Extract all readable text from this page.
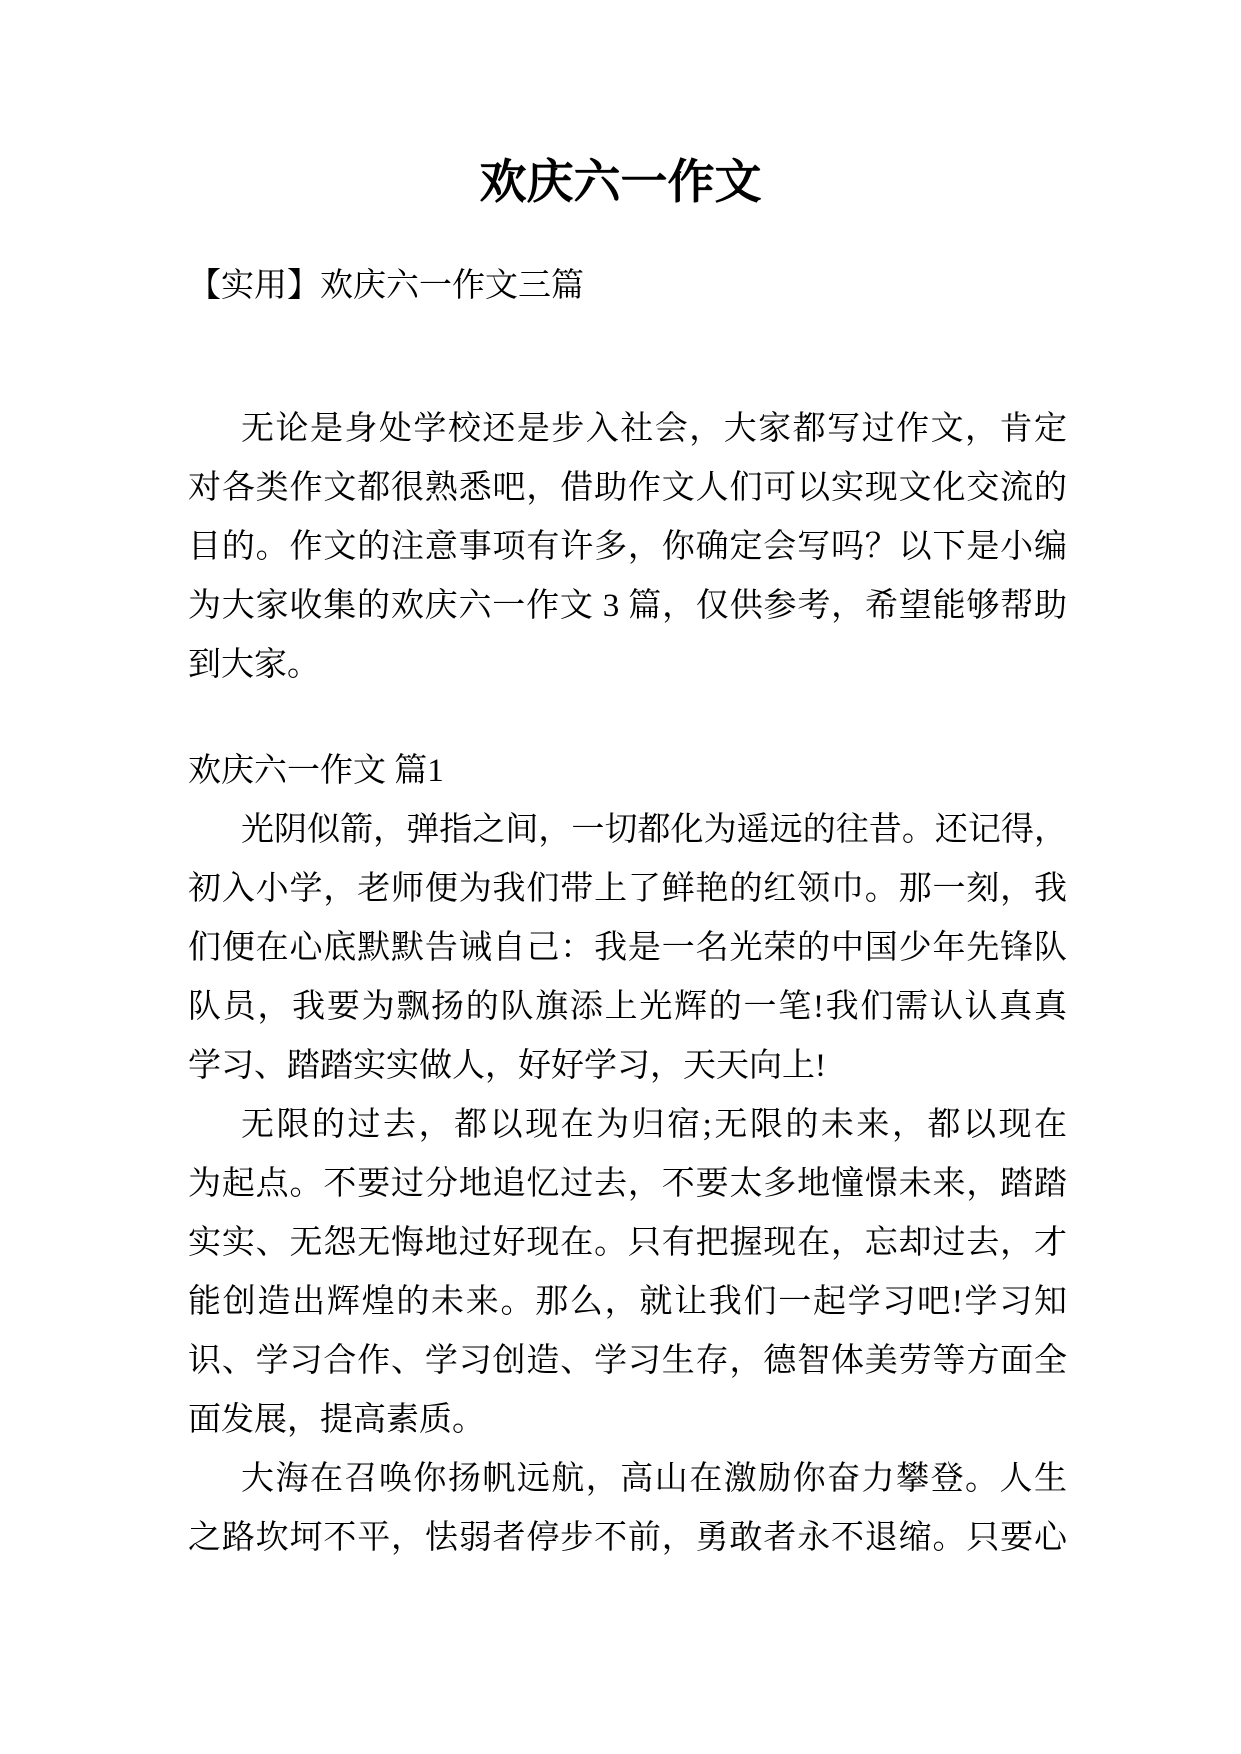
欢庆六一作文
【实用】欢庆六一作文三篇
无论是身处学校还是步入社会，大家都写过作文，肯定
对各类作文都很熟悉吧，借助作文人们可以实现文化交流的
目的。作文的注意事项有许多，你确定会写吗？以下是小编
为大家收集的欢庆六一作文 3 篇，仅供参考，希望能够帮助
到大家。
欢庆六一作文 篇1
光阴似箭，弹指之间，一切都化为遥远的往昔。还记得，
初入小学，老师便为我们带上了鲜艳的红领巾。那一刻，我
们便在心底默默告诫自己：我是一名光荣的中国少年先锋队
队员，我要为飘扬的队旗添上光辉的一笔!我们需认认真真
学习、踏踏实实做人，好好学习，天天向上!
无限的过去，都以现在为归宿;无限的未来，都以现在
为起点。不要过分地追忆过去，不要太多地憧憬未来，踏踏
实实、无怨无悔地过好现在。只有把握现在，忘却过去，才
能创造出辉煌的未来。那么，就让我们一起学习吧!学习知
识、学习合作、学习创造、学习生存，德智体美劳等方面全
面发展，提高素质。
大海在召唤你扬帆远航，高山在激励你奋力攀登。人生
之路坎坷不平，怯弱者停步不前，勇敢者永不退缩。只要心
